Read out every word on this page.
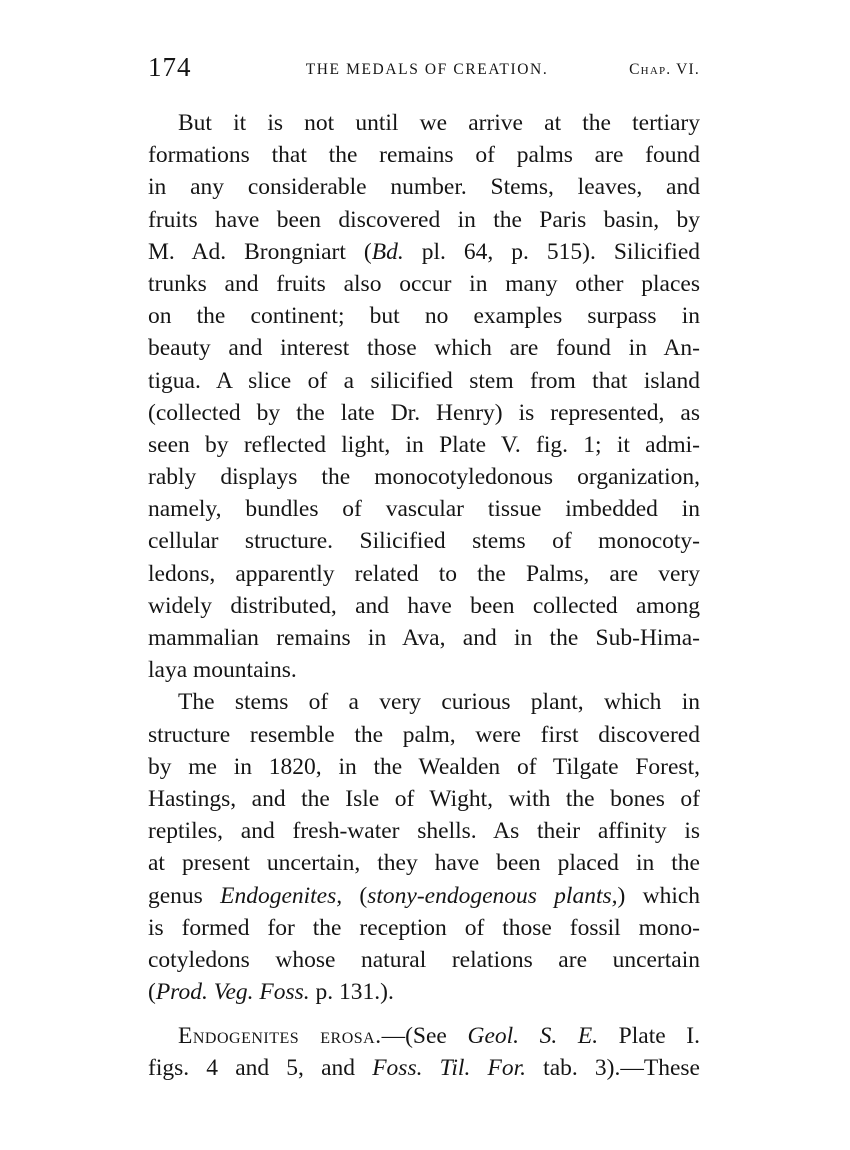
174	THE MEDALS OF CREATION.	Chap. VI.
But it is not until we arrive at the tertiary
formations that the remains of palms are found
in any considerable number. Stems, leaves, and
fruits have been discovered in the Paris basin, by
M. Ad. Brongniart (Bd. pl. 64, p. 515). Silicified
trunks and fruits also occur in many other places
on the continent; but no examples surpass in
beauty and interest those which are found in An-
tigua. A slice of a silicified stem from that island
(collected by the late Dr. Henry) is represented, as
seen by reflected light, in Plate V. fig. 1; it admi-
rably displays the monocotyledonous organization,
namely, bundles of vascular tissue imbedded in
cellular structure. Silicified stems of monocoty-
ledons, apparently related to the Palms, are very
widely distributed, and have been collected among
mammalian remains in Ava, and in the Sub-Hima-
laya mountains.
The stems of a very curious plant, which in
structure resemble the palm, were first discovered
by me in 1820, in the Wealden of Tilgate Forest,
Hastings, and the Isle of Wight, with the bones of
reptiles, and fresh-water shells. As their affinity is
at present uncertain, they have been placed in the
genus Endogenites, (stony-endogenous plants,) which
is formed for the reception of those fossil mono-
cotyledons whose natural relations are uncertain
(Prod. Veg. Foss. p. 131.).
Endogenites erosa.—(See Geol. S. E. Plate I.
figs. 4 and 5, and Foss. Til. For. tab. 3).—These
